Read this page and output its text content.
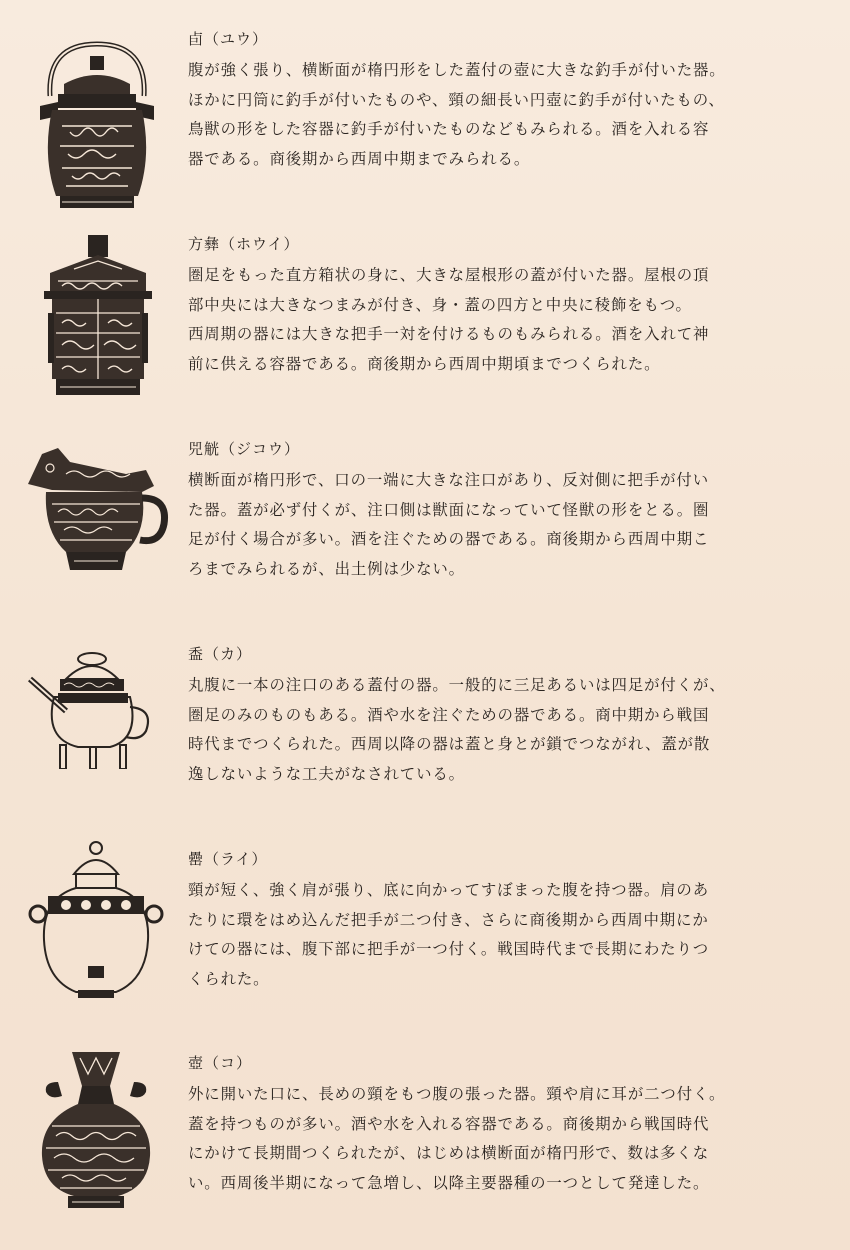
卣（ユウ）
腹が強く張り、横断面が楕円形をした蓋付の壺に大きな釣手が付いた器。
ほかに円筒に釣手が付いたものや、頸の細長い円壺に釣手が付いたもの、
鳥獣の形をした容器に釣手が付いたものなどもみられる。酒を入れる容
器である。商後期から西周中期までみられる。
方彝（ホウイ）
圏足をもった直方箱状の身に、大きな屋根形の蓋が付いた器。屋根の頂
部中央には大きなつまみが付き、身・蓋の四方と中央に稜飾をもつ。
西周期の器には大きな把手一対を付けるものもみられる。酒を入れて神
前に供える容器である。商後期から西周中期頃までつくられた。
兕觥（ジコウ）
横断面が楕円形で、口の一端に大きな注口があり、反対側に把手が付い
た器。蓋が必ず付くが、注口側は獣面になっていて怪獣の形をとる。圏
足が付く場合が多い。酒を注ぐための器である。商後期から西周中期こ
ろまでみられるが、出土例は少ない。
盉（カ）
丸腹に一本の注口のある蓋付の器。一般的に三足あるいは四足が付くが、
圏足のみのものもある。酒や水を注ぐための器である。商中期から戦国
時代までつくられた。西周以降の器は蓋と身とが鎖でつながれ、蓋が散
逸しないような工夫がなされている。
罍（ライ）
頸が短く、強く肩が張り、底に向かってすぼまった腹を持つ器。肩のあ
たりに環をはめ込んだ把手が二つ付き、さらに商後期から西周中期にか
けての器には、腹下部に把手が一つ付く。戦国時代まで長期にわたりつ
くられた。
壺（コ）
外に開いた口に、長めの頸をもつ腹の張った器。頸や肩に耳が二つ付く。
蓋を持つものが多い。酒や水を入れる容器である。商後期から戦国時代
にかけて長期間つくられたが、はじめは横断面が楕円形で、数は多くな
い。西周後半期になって急増し、以降主要器種の一つとして発達した。
